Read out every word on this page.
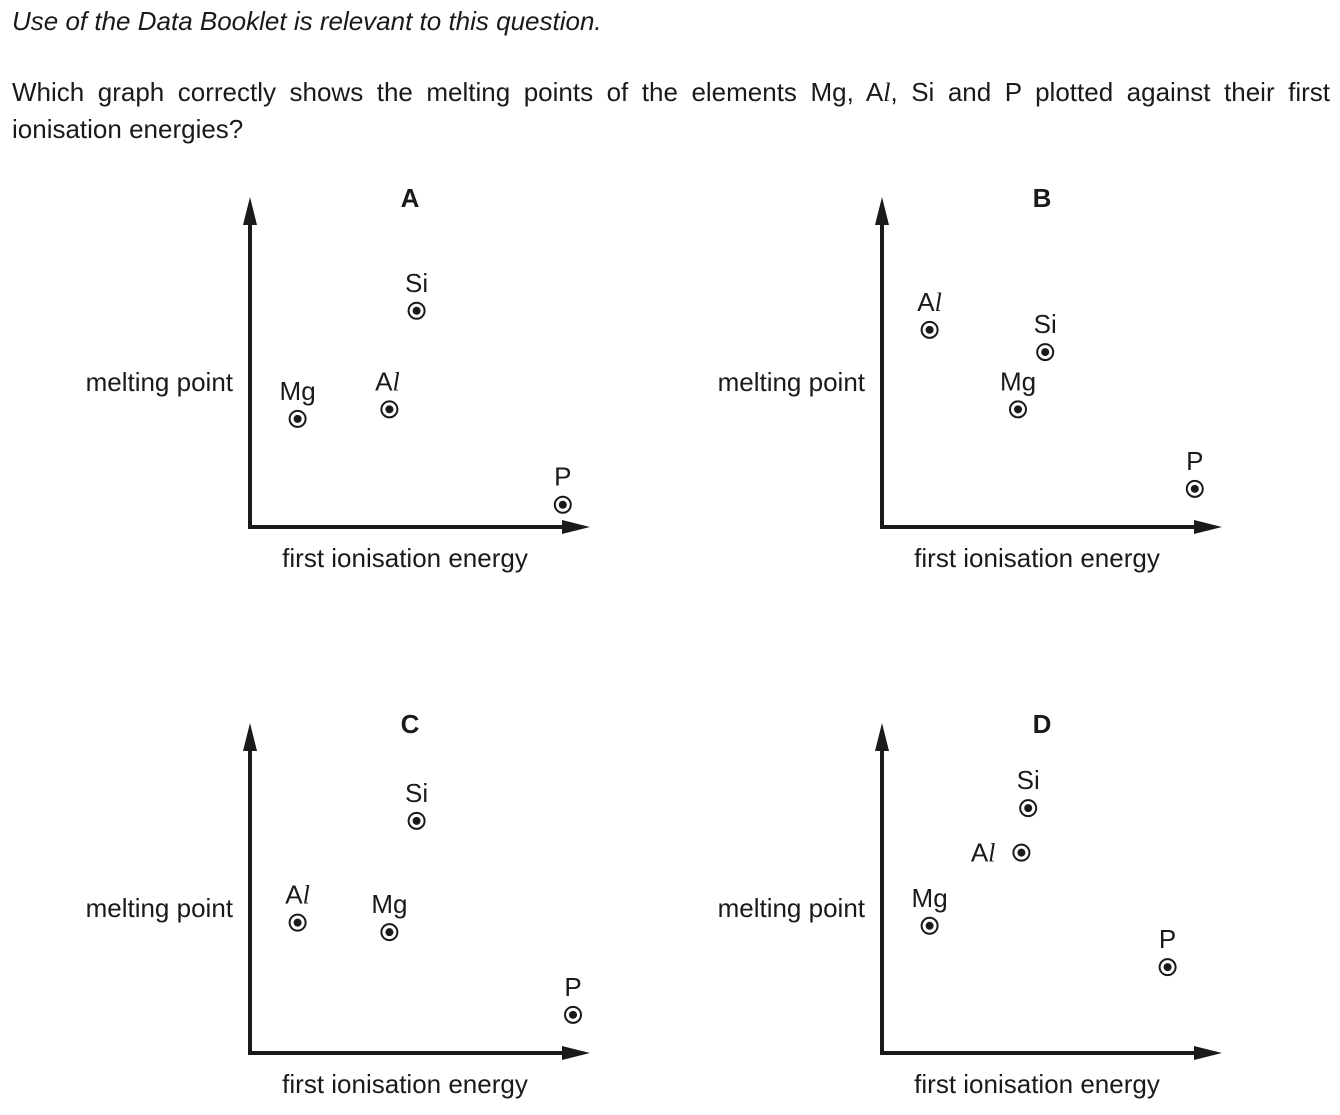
Use of the Data Booklet is relevant to this question.

Which graph correctly shows the melting points of the elements Mg, Al, Si and P plotted against their first ionisation energies?

A
melting point
first ionisation energy
Mg Al
Si
P
B
melting point
first ionisation energy
Al
Si
Mg
P
C
melting point
first ionisation energy
Al Mg
Si
P
D
melting point
first ionisation energy
Mg
Al
Si
P
